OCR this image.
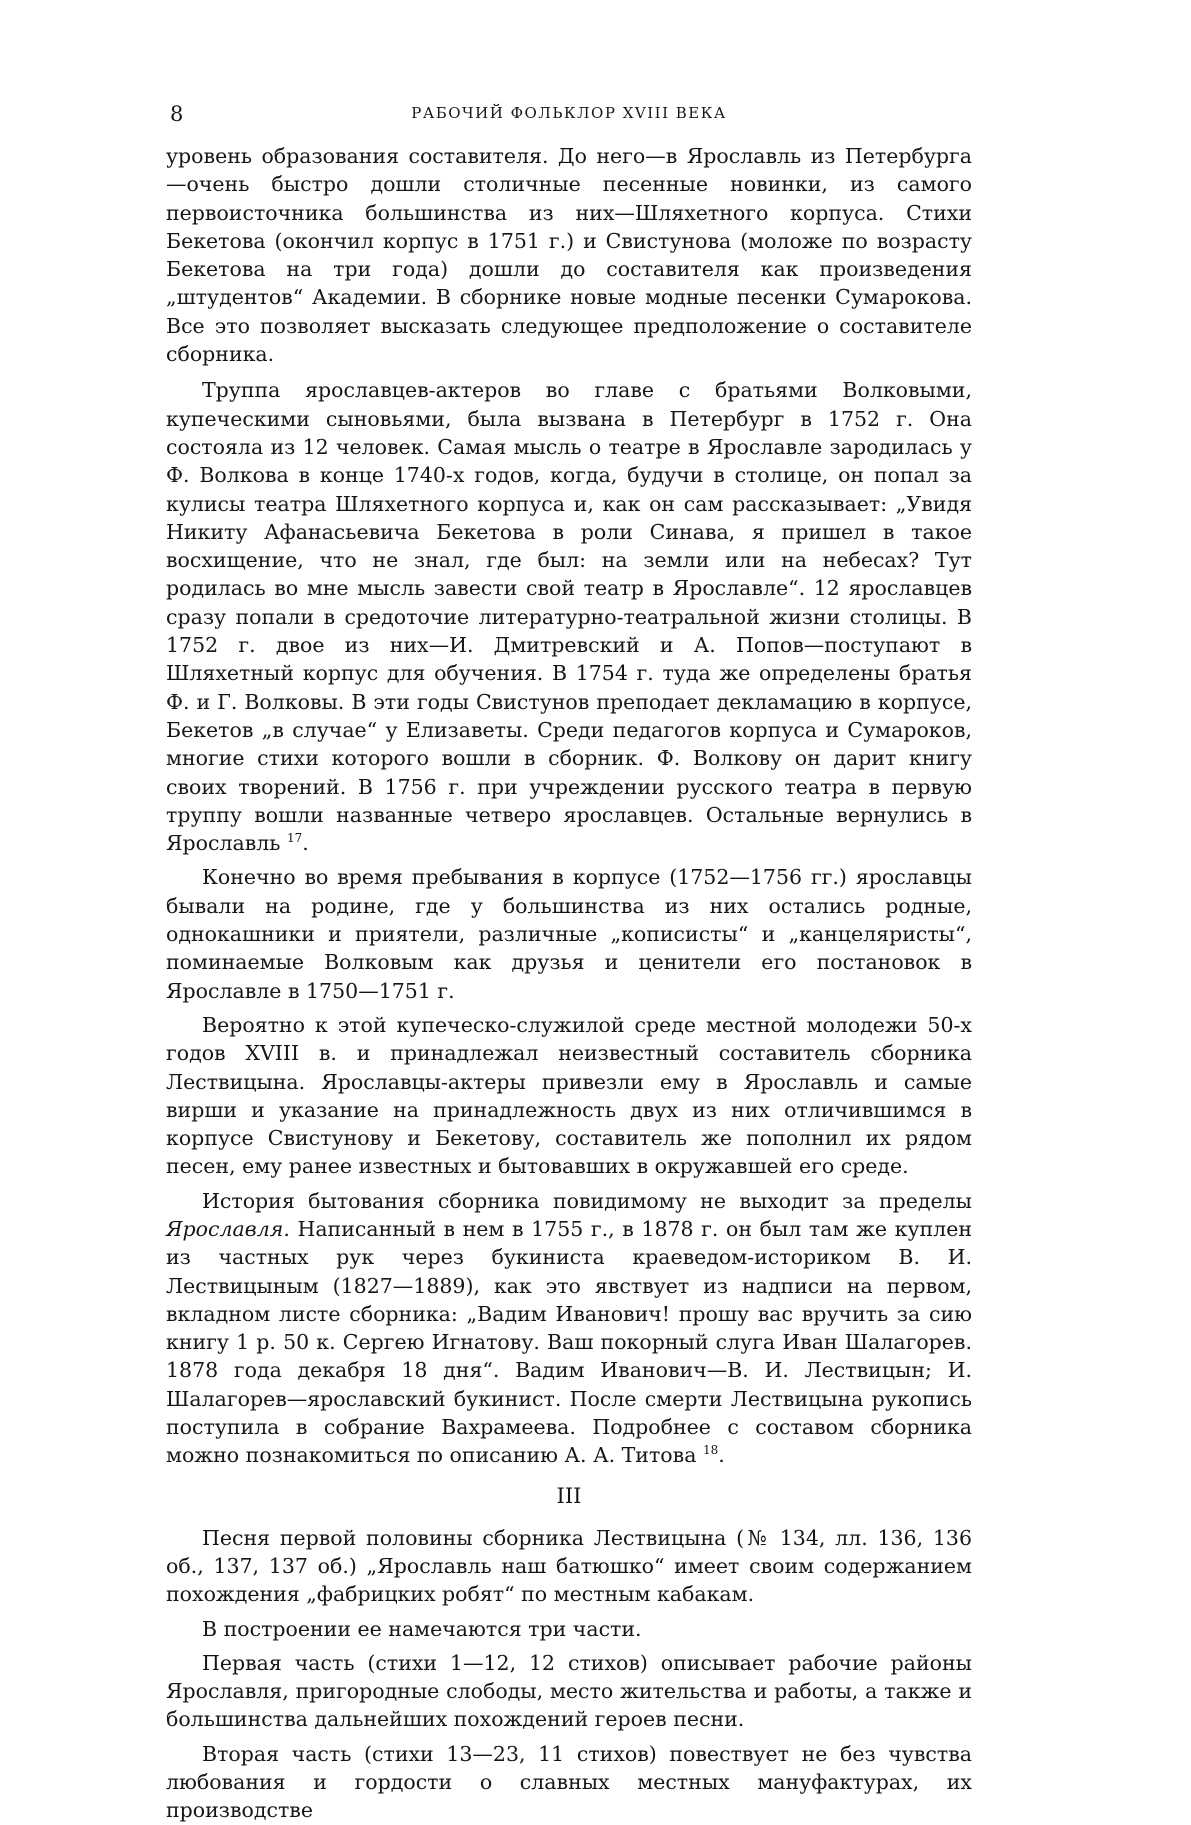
8	РАБОЧИЙ ФОЛЬКЛОР XVIII ВЕКА

уровень образования составителя. До него—в Ярославль из Петербурга—очень быстро дошли столичные песенные новинки, из самого первоисточника большинства из них—Шляхетного корпуса. Стихи Бекетова (окончил корпус в 1751 г.) и Свистунова (моложе по возрасту Бекетова на три года) дошли до составителя как произведения „штудентов“ Академии. В сборнике новые модные песенки Сумарокова. Все это позволяет высказать следующее предположение о составителе сборника.

Труппа ярославцев-актеров во главе с братьями Волковыми, купеческими сыновьями, была вызвана в Петербург в 1752 г. Она состояла из 12 человек. Самая мысль о театре в Ярославле зародилась у Ф. Волкова в конце 1740-х годов, когда, будучи в столице, он попал за кулисы театра Шляхетного корпуса и, как он сам рассказывает: „Увидя Никиту Афанасьевича Бекетова в роли Синава, я пришел в такое восхищение, что не знал, где был: на земли или на небесах? Тут родилась во мне мысль завести свой театр в Ярославле“. 12 ярославцев сразу попали в средоточие литературно-театральной жизни столицы. В 1752 г. двое из них—И. Дмитревский и А. Попов—поступают в Шляхетный корпус для обучения. В 1754 г. туда же определены братья Ф. и Г. Волковы. В эти годы Свистунов преподает декламацию в корпусе, Бекетов „в случае“ у Елизаветы. Среди педагогов корпуса и Сумароков, многие стихи которого вошли в сборник. Ф. Волкову он дарит книгу своих творений. В 1756 г. при учреждении русского театра в первую труппу вошли названные четверо ярославцев. Остальные вернулись в Ярославль $^{17}$.

Конечно во время пребывания в корпусе (1752—1756 гг.) ярославцы бывали на родине, где у большинства из них остались родные, однокашники и приятели, различные „кописисты“ и „канцеляристы“, поминаемые Волковым как друзья и ценители его постановок в Ярославле в 1750—1751 г.

Вероятно к этой купеческо-служилой среде местной молодежи 50-х годов XVIII в. и принадлежал неизвестный составитель сборника Лествицына. Ярославцы-актеры привезли ему в Ярославль и самые вирши и указание на принадлежность двух из них отличившимся в корпусе Свистунову и Бекетову, составитель же пополнил их рядом песен, ему ранее известных и бытовавших в окружавшей его среде.

История бытования сборника повидимому не выходит за пределы Ярославля. Написанный в нем в 1755 г., в 1878 г. он был там же куплен из частных рук через букиниста краеведом-историком В. И. Лествицыным (1827—1889), как это явствует из надписи на первом, вкладном листе сборника: „Вадим Иванович! прошу вас вручить за сию книгу 1 р. 50 к. Сергею Игнатову. Ваш покорный слуга Иван Шалагорев. 1878 года декабря 18 дня“. Вадим Иванович—В. И. Лествицын; И. Шалагорев—ярославский букинист. После смерти Лествицына рукопись поступила в собрание Вахрамеева. Подробнее с составом сборника можно познакомиться по описанию А. А. Титова $^{18}$.

III

Песня первой половины сборника Лествицына (№ 134, лл. 136, 136 об., 137, 137 об.) „Ярославль наш батюшко“ имеет своим содержанием похождения „фабрицких робят“ по местным кабакам.

В построении ее намечаются три части.

Первая часть (стихи 1—12, 12 стихов) описывает рабочие районы Ярославля, пригородные слободы, место жительства и работы, а также и большинства дальнейших похождений героев песни.

Вторая часть (стихи 13—23, 11 стихов) повествует не без чувства любования и гордости о славных местных мануфактурах, их производстве
